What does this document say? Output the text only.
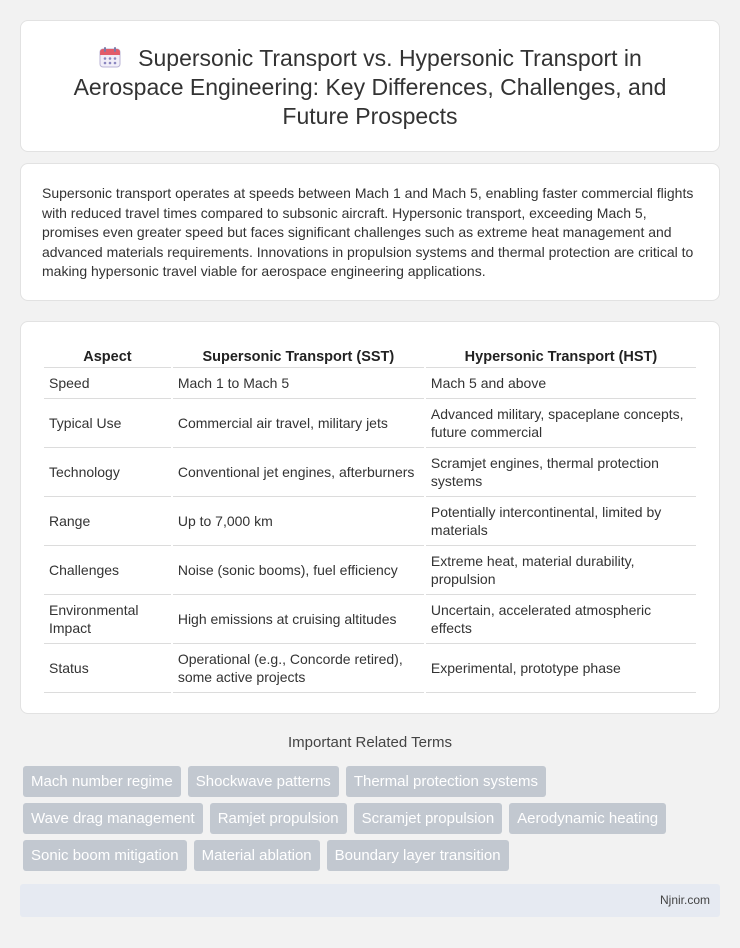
Supersonic Transport vs. Hypersonic Transport in Aerospace Engineering: Key Differences, Challenges, and Future Prospects

Supersonic transport operates at speeds between Mach 1 and Mach 5, enabling faster commercial flights with reduced travel times compared to subsonic aircraft. Hypersonic transport, exceeding Mach 5, promises even greater speed but faces significant challenges such as extreme heat management and advanced materials requirements. Innovations in propulsion systems and thermal protection are critical to making hypersonic travel viable for aerospace engineering applications.

Aspect	Supersonic Transport (SST)	Hypersonic Transport (HST)
Speed	Mach 1 to Mach 5	Mach 5 and above
Typical Use	Commercial air travel, military jets	Advanced military, spaceplane concepts, future commercial
Technology	Conventional jet engines, afterburners	Scramjet engines, thermal protection systems
Range	Up to 7,000 km	Potentially intercontinental, limited by materials
Challenges	Noise (sonic booms), fuel efficiency	Extreme heat, material durability, propulsion
Environmental Impact	High emissions at cruising altitudes	Uncertain, accelerated atmospheric effects
Status	Operational (e.g., Concorde retired), some active projects	Experimental, prototype phase
Important Related Terms
Mach number regime	Shockwave patterns	Thermal protection systems
Wave drag management	Ramjet propulsion	Scramjet propulsion	Aerodynamic heating
Sonic boom mitigation	Material ablation	Boundary layer transition
Njnir.com
